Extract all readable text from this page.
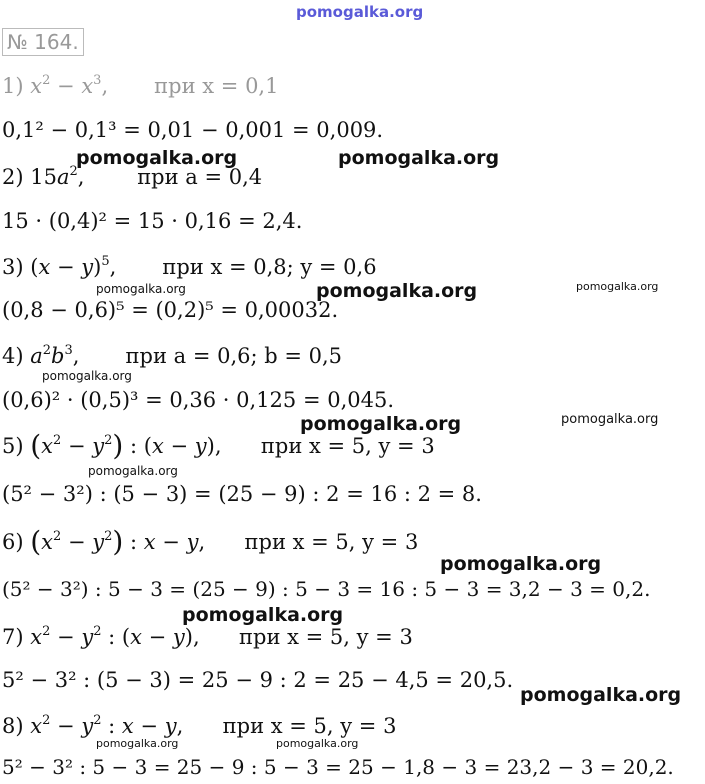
pomogalka.org
№ 164.
1) $x^2 - x^3$,      при x = 0,1
0,1² − 0,1³ = 0,01 − 0,001 = 0,009.
2) $15a^2$,       при a = 0,4
15 · (0,4)² = 15 · 0,16 = 2,4.
3) $(x - y)^5$,      при x = 0,8; y = 0,6
(0,8 − 0,6)⁵ = (0,2)⁵ = 0,00032.
4) $a^2b^3$,      при a = 0,6; b = 0,5
(0,6)² · (0,5)³ = 0,36 · 0,125 = 0,045.
5) $(x^2 - y^2)$ : (x − y),     при x = 5, y = 3
(5² − 3²) : (5 − 3) = (25 − 9) : 2 = 16 : 2 = 8.
6) $(x^2 - y^2)$ : x − y,     при x = 5, y = 3
(5² − 3²) : 5 − 3 = (25 − 9) : 5 − 3 = 16 : 5 − 3 = 3,2 − 3 = 0,2.
7) $x^2 - y^2$ : (x − y),     при x = 5, y = 3
5² − 3² : (5 − 3) = 25 − 9 : 2 = 25 − 4,5 = 20,5.
8) $x^2 - y^2$ : x − y,     при x = 5, y = 3
5² − 3² : 5 − 3 = 25 − 9 : 5 − 3 = 25 − 1,8 − 3 = 23,2 − 3 = 20,2.
pomogalka.org	pomogalka.org
pomogalka.org	pomogalka.org
pomogalka.org
pomogalka.org
pomogalka.org	pomogalka.org
pomogalka.org
pomogalka.org
pomogalka.org
pomogalka.org
pomogalka.org	pomogalka.org
